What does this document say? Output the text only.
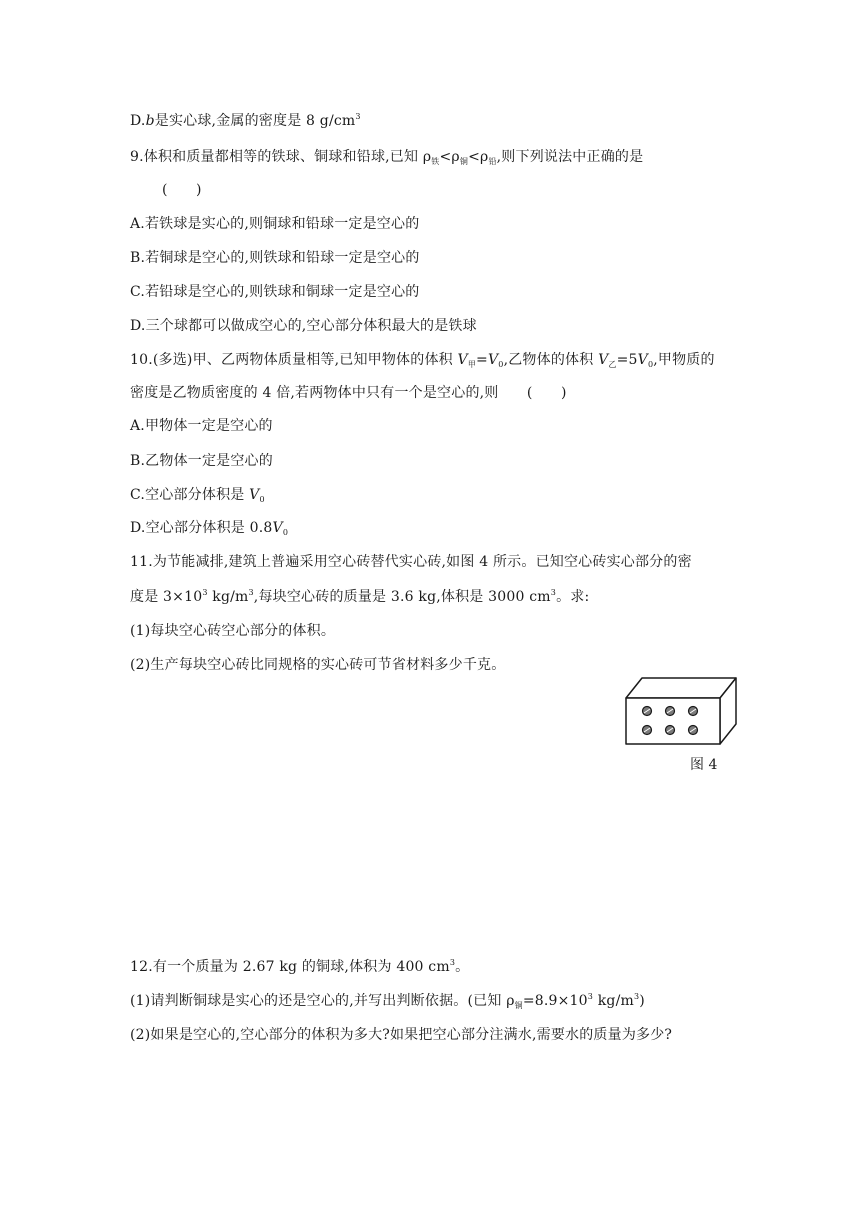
D.b是实心球,金属的密度是 8 $g/cm^3$
9.体积和质量都相等的铁球、铜球和铅球,已知 $\rho_铁<\rho_铜<\rho_铅$,则下列说法中正确的是
(　　)
A.若铁球是实心的,则铜球和铅球一定是空心的
B.若铜球是空心的,则铁球和铅球一定是空心的
C.若铅球是空心的,则铁球和铜球一定是空心的
D.三个球都可以做成空心的,空心部分体积最大的是铁球
10.(多选)甲、乙两物体质量相等,已知甲物体的体积 $V_甲=V_0$,乙物体的体积 $V_乙=5V_0$,甲物质的
密度是乙物质密度的 4 倍,若两物体中只有一个是空心的,则　　(　　)
A.甲物体一定是空心的
B.乙物体一定是空心的
C.空心部分体积是 $V_0$
D.空心部分体积是 $0.8V_0$
11.为节能减排,建筑上普遍采用空心砖替代实心砖,如图 4 所示。已知空心砖实心部分的密
度是 $3\times 10^3$ $kg/m^3$,每块空心砖的质量是 3.6 kg,体积是 3000 $cm^3$。求:
(1)每块空心砖空心部分的体积。
(2)生产每块空心砖比同规格的实心砖可节省材料多少千克。
图 4
12.有一个质量为 2.67 kg 的铜球,体积为 400 $cm^3$。
(1)请判断铜球是实心的还是空心的,并写出判断依据。(已知 $\rho_铜=8.9\times 10^3$ $kg/m^3$)
(2)如果是空心的,空心部分的体积为多大?如果把空心部分注满水,需要水的质量为多少?
